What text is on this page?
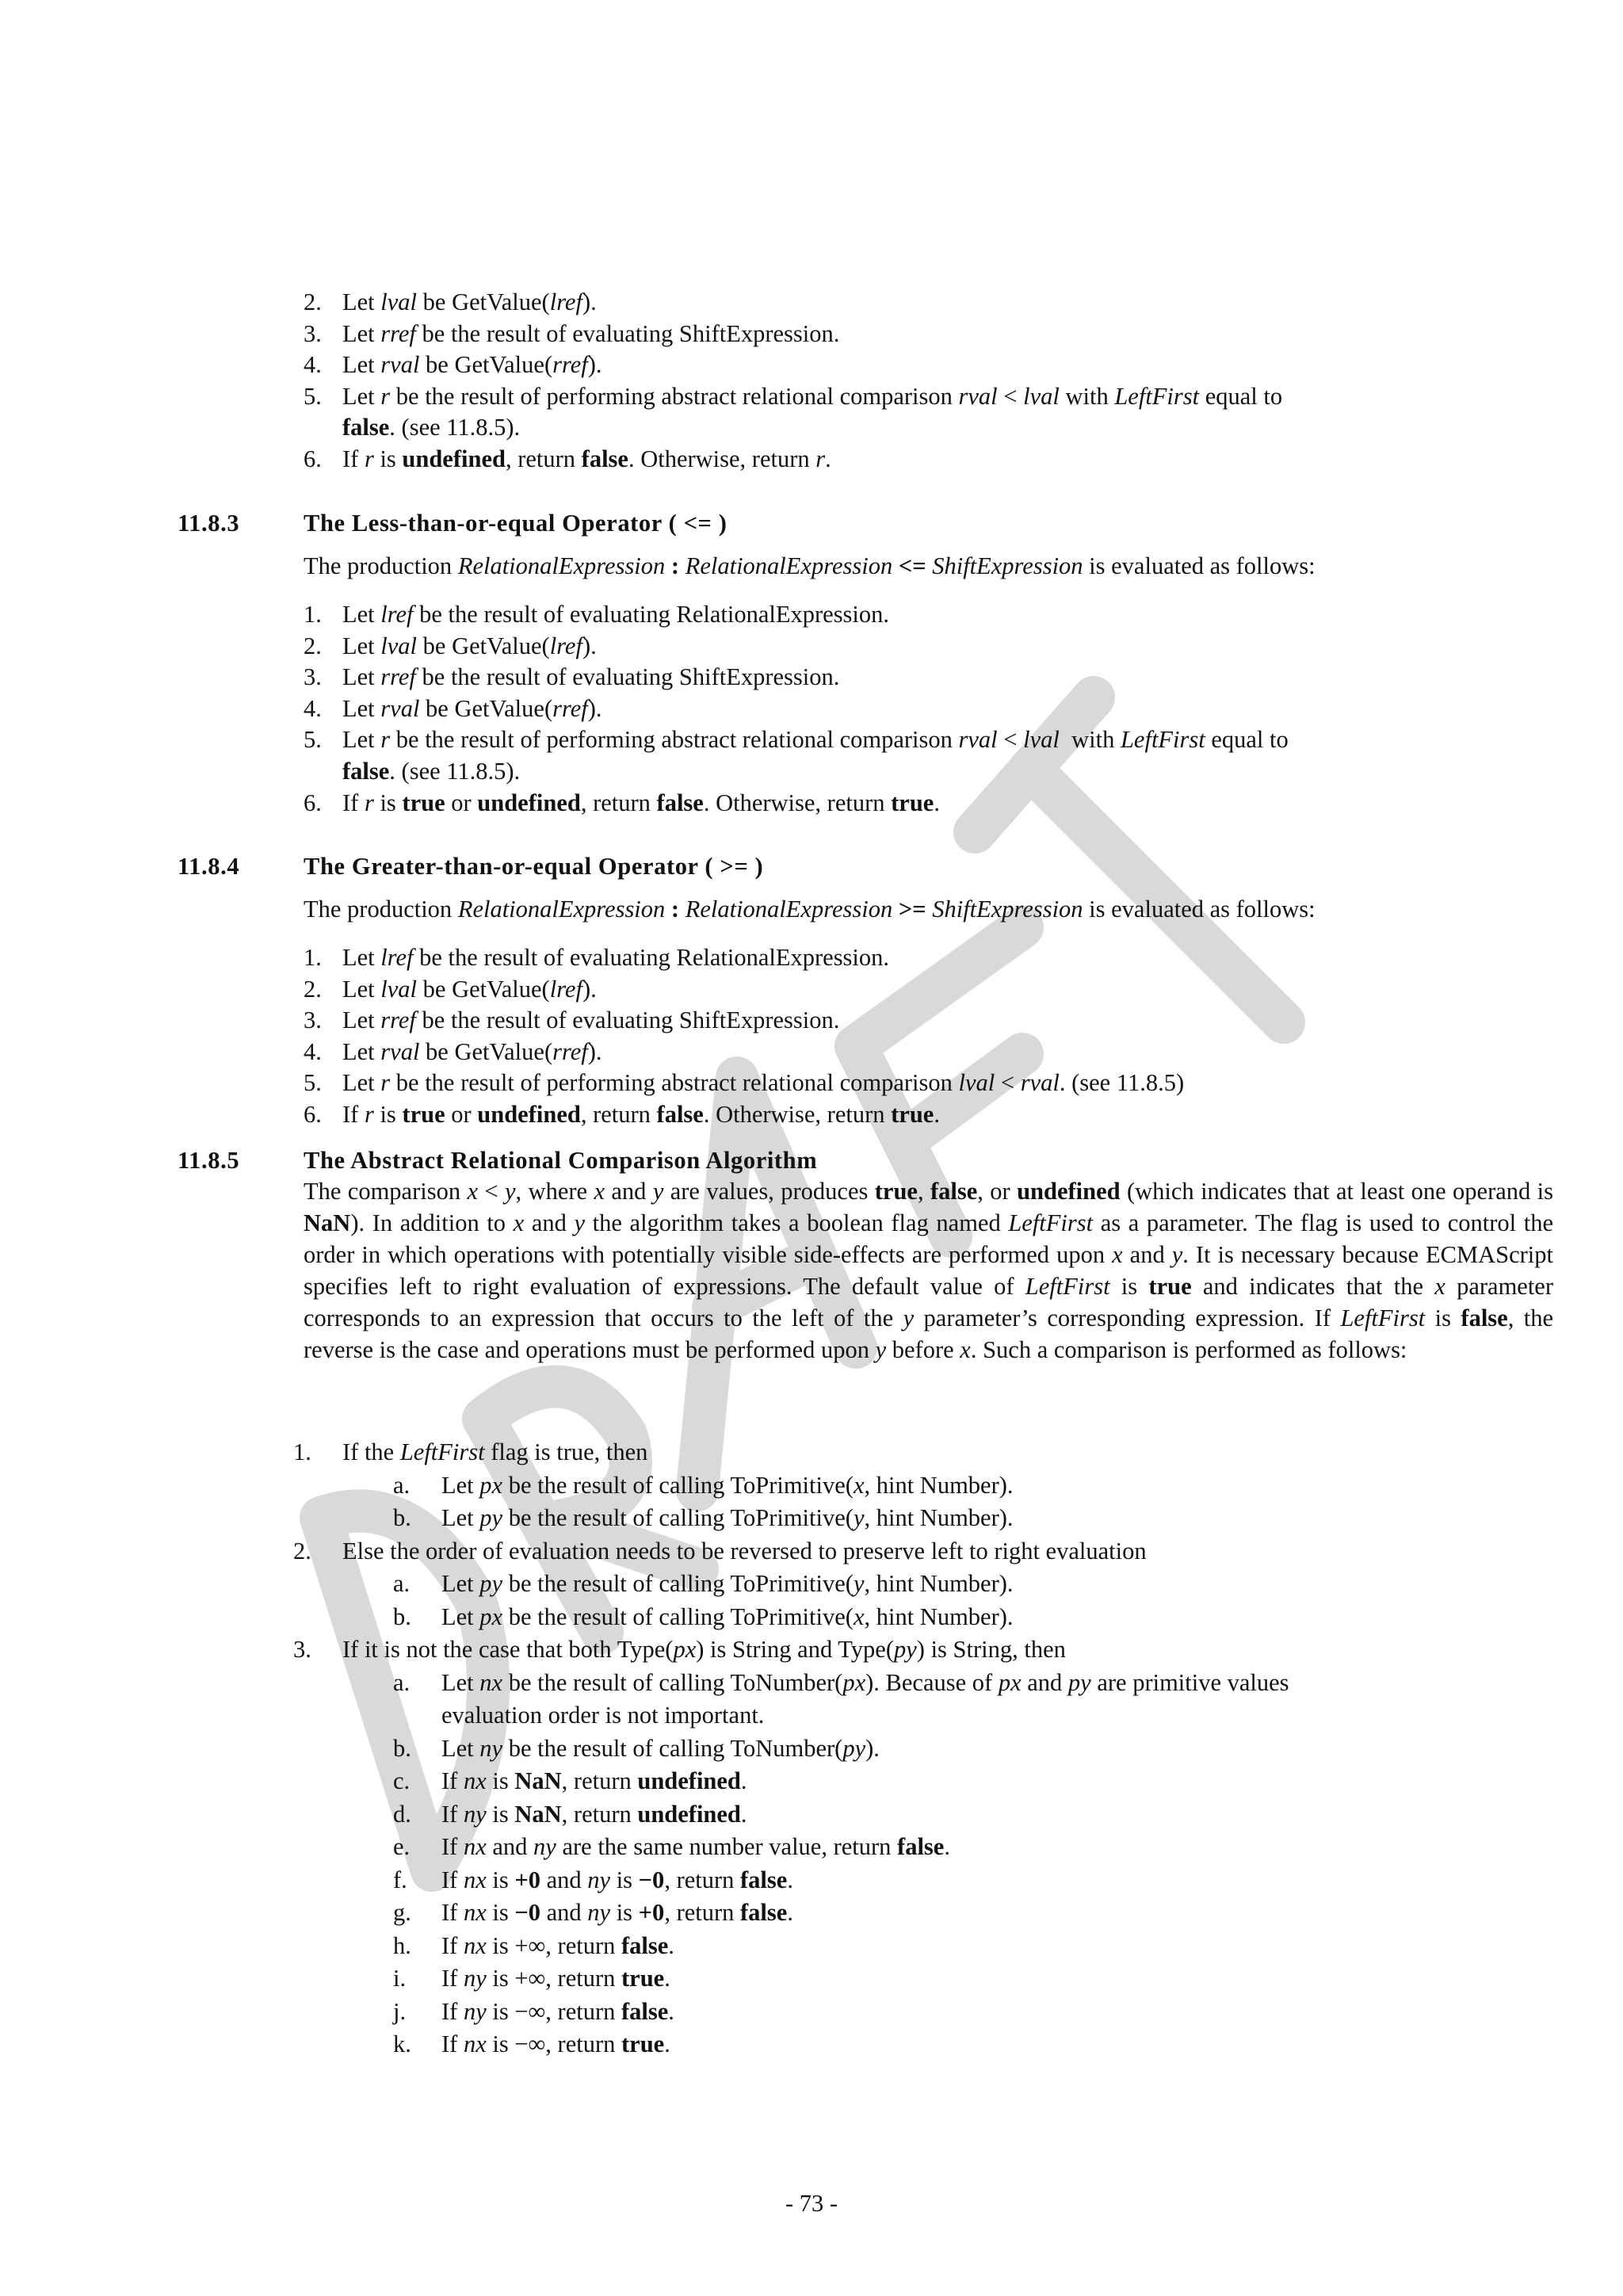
2. Let lval be GetValue(lref).
3. Let rref be the result of evaluating ShiftExpression.
4. Let rval be GetValue(rref).
5. Let r be the result of performing abstract relational comparison rval < lval with LeftFirst equal to
false. (see 11.8.5).
6. If r is undefined, return false. Otherwise, return r.
11.8.3	The Less-than-or-equal Operator ( <= )
The production RelationalExpression : RelationalExpression <= ShiftExpression is evaluated as follows:
1. Let lref be the result of evaluating RelationalExpression.
2. Let lval be GetValue(lref).
3. Let rref be the result of evaluating ShiftExpression.
4. Let rval be GetValue(rref).
5. Let r be the result of performing abstract relational comparison rval < lval  with LeftFirst equal to
false. (see 11.8.5).
6. If r is true or undefined, return false. Otherwise, return true.
11.8.4	The Greater-than-or-equal Operator ( >= )
The production RelationalExpression : RelationalExpression >= ShiftExpression is evaluated as follows:
1. Let lref be the result of evaluating RelationalExpression.
2. Let lval be GetValue(lref).
3. Let rref be the result of evaluating ShiftExpression.
4. Let rval be GetValue(rref).
5. Let r be the result of performing abstract relational comparison lval < rval. (see 11.8.5)
6. If r is true or undefined, return false. Otherwise, return true.
11.8.5	The Abstract Relational Comparison Algorithm
The comparison x < y, where x and y are values, produces true, false, or undefined (which indicates that at least one operand is NaN). In addition to x and y the algorithm takes a boolean flag named LeftFirst as a parameter. The flag is used to control the order in which operations with potentially visible side-effects are performed upon x and y. It is necessary because ECMAScript specifies left to right evaluation of expressions. The default value of LeftFirst is true and indicates that the x parameter corresponds to an expression that occurs to the left of the y parameter’s corresponding expression. If LeftFirst is false, the reverse is the case and operations must be performed upon y before x. Such a comparison is performed as follows:
1. If the LeftFirst flag is true, then
a. Let px be the result of calling ToPrimitive(x, hint Number).
b. Let py be the result of calling ToPrimitive(y, hint Number).
2. Else the order of evaluation needs to be reversed to preserve left to right evaluation
a. Let py be the result of calling ToPrimitive(y, hint Number).
b. Let px be the result of calling ToPrimitive(x, hint Number).
3. If it is not the case that both Type(px) is String and Type(py) is String, then
a. Let nx be the result of calling ToNumber(px). Because of px and py are primitive values
evaluation order is not important.
b. Let ny be the result of calling ToNumber(py).
c. If nx is NaN, return undefined.
d. If ny is NaN, return undefined.
e. If nx and ny are the same number value, return false.
f. If nx is +0 and ny is −0, return false.
g. If nx is −0 and ny is +0, return false.
h. If nx is +∞, return false.
i. If ny is +∞, return true.
j. If ny is −∞, return false.
k. If nx is −∞, return true.
- 73 -
